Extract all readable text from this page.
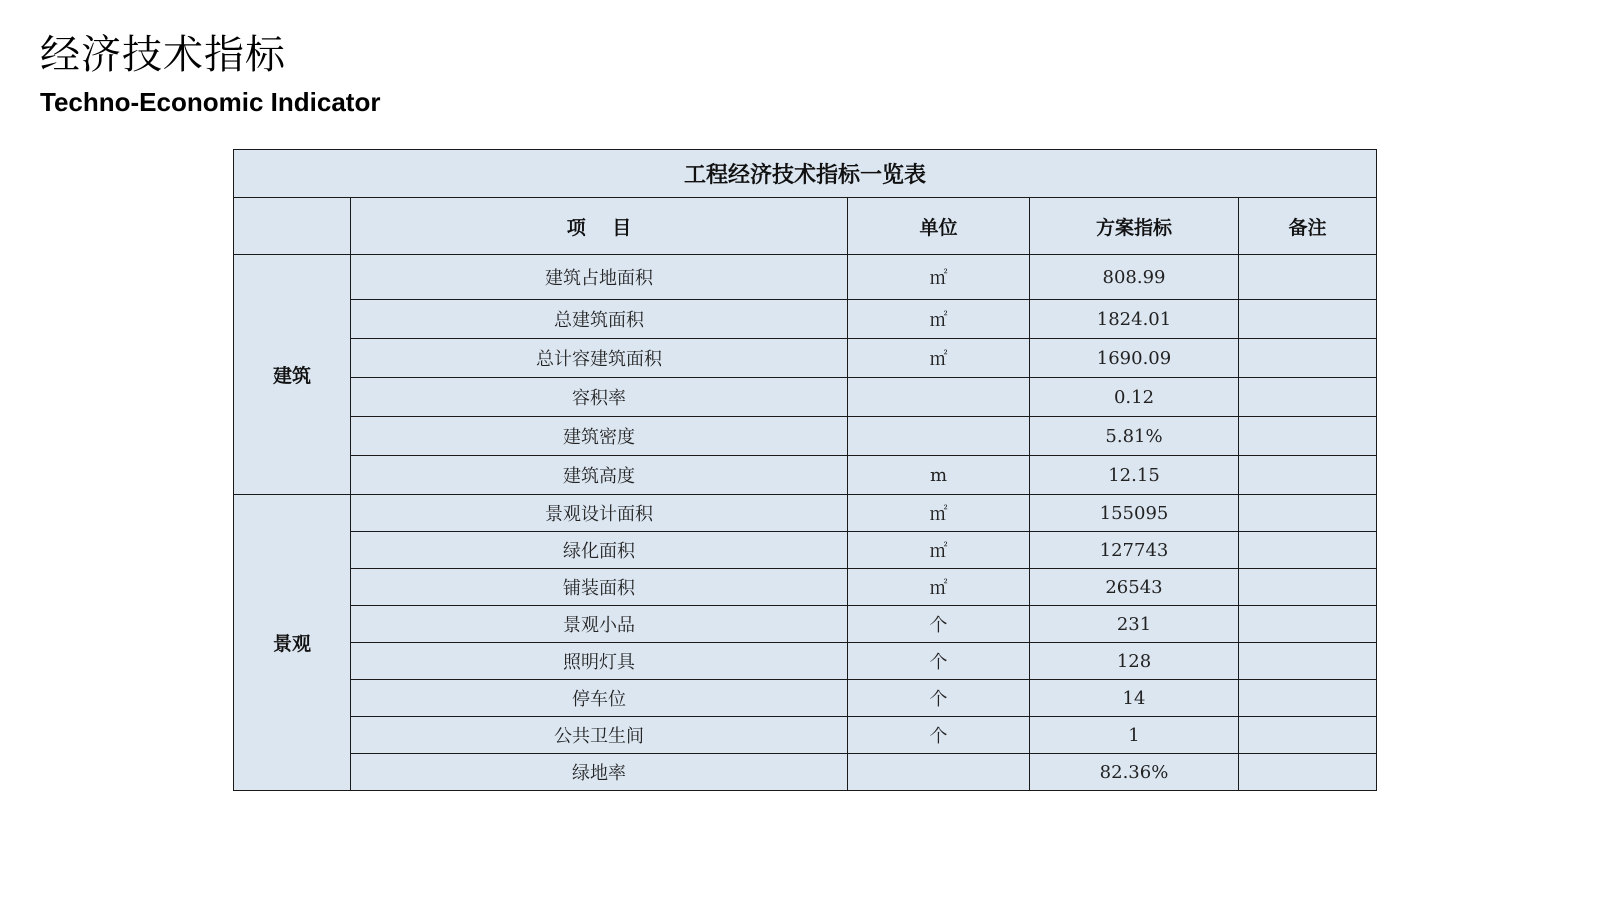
经济技术指标
Techno-Economic Indicator
工程经济技术指标一览表				
	项    目	单位	方案指标	备注
建筑	建筑占地面积	㎡	808.99	
	总建筑面积	㎡	1824.01	
	总计容建筑面积	㎡	1690.09	
	容积率		0.12	
	建筑密度		5.81%	
	建筑高度	m	12.15	
景观	景观设计面积	㎡	155095	
	绿化面积	㎡	127743	
	铺装面积	㎡	26543	
	景观小品	个	231	
	照明灯具	个	128	
	停车位	个	14	
	公共卫生间	个	1	
	绿地率		82.36%	
